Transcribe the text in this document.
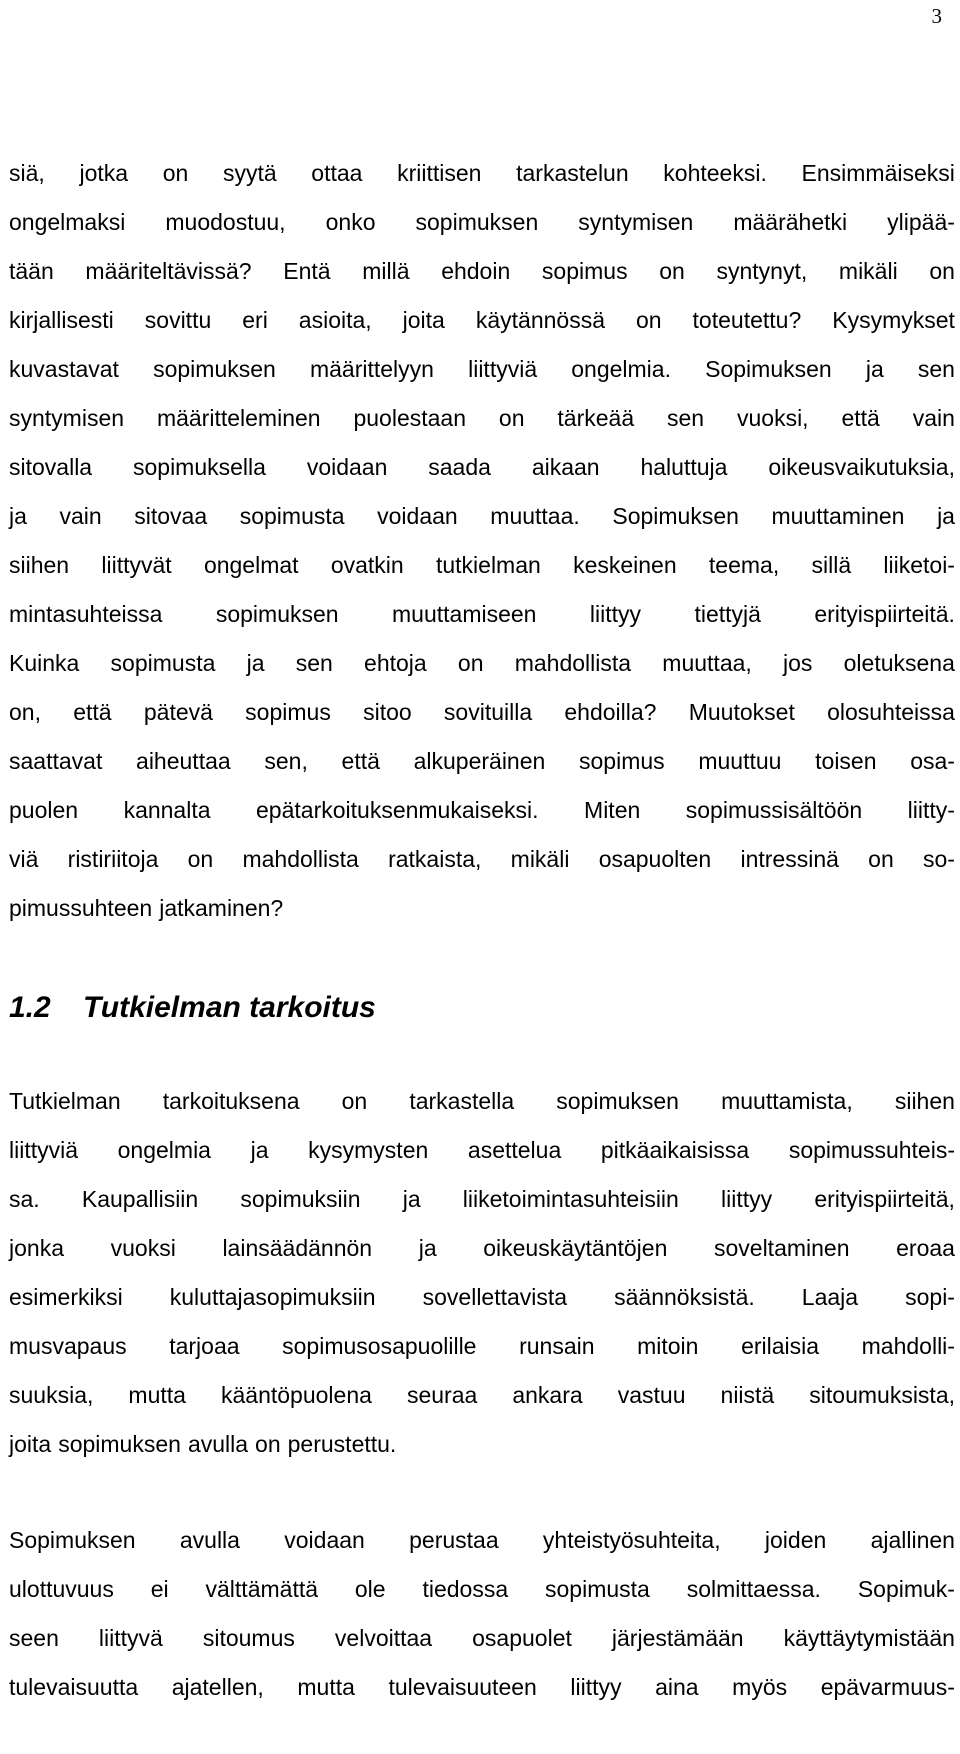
3
siä, jotka on syytä ottaa kriittisen tarkastelun kohteeksi. Ensimmäiseksi
ongelmaksi muodostuu, onko sopimuksen syntymisen määrähetki ylipää-
tään määriteltävissä? Entä millä ehdoin sopimus on syntynyt, mikäli on
kirjallisesti sovittu eri asioita, joita käytännössä on toteutettu? Kysymykset
kuvastavat sopimuksen määrittelyyn liittyviä ongelmia. Sopimuksen ja sen
syntymisen määritteleminen puolestaan on tärkeää sen vuoksi, että vain
sitovalla sopimuksella voidaan saada aikaan haluttuja oikeusvaikutuksia,
ja vain sitovaa sopimusta voidaan muuttaa. Sopimuksen muuttaminen ja
siihen liittyvät ongelmat ovatkin tutkielman keskeinen teema, sillä liiketoi-
mintasuhteissa sopimuksen muuttamiseen liittyy tiettyjä erityispiirteitä.
Kuinka sopimusta ja sen ehtoja on mahdollista muuttaa, jos oletuksena
on, että pätevä sopimus sitoo sovituilla ehdoilla? Muutokset olosuhteissa
saattavat aiheuttaa sen, että alkuperäinen sopimus muuttuu toisen osa-
puolen kannalta epätarkoituksenmukaiseksi. Miten sopimussisältöön liitty-
viä ristiriitoja on mahdollista ratkaista, mikäli osapuolten intressinä on so-
pimussuhteen jatkaminen?
1.2 Tutkielman tarkoitus
Tutkielman tarkoituksena on tarkastella sopimuksen muuttamista, siihen
liittyviä ongelmia ja kysymysten asettelua pitkäaikaisissa sopimussuhteis-
sa. Kaupallisiin sopimuksiin ja liiketoimintasuhteisiin liittyy erityispiirteitä,
jonka vuoksi lainsäädännön ja oikeuskäytäntöjen soveltaminen eroaa
esimerkiksi kuluttajasopimuksiin sovellettavista säännöksistä. Laaja sopi-
musvapaus tarjoaa sopimusosapuolille runsain mitoin erilaisia mahdolli-
suuksia, mutta kääntöpuolena seuraa ankara vastuu niistä sitoumuksista,
joita sopimuksen avulla on perustettu.
Sopimuksen avulla voidaan perustaa yhteistyösuhteita, joiden ajallinen
ulottuvuus ei välttämättä ole tiedossa sopimusta solmittaessa. Sopimuk-
seen liittyvä sitoumus velvoittaa osapuolet järjestämään käyttäytymistään
tulevaisuutta ajatellen, mutta tulevaisuuteen liittyy aina myös epävarmuus-
